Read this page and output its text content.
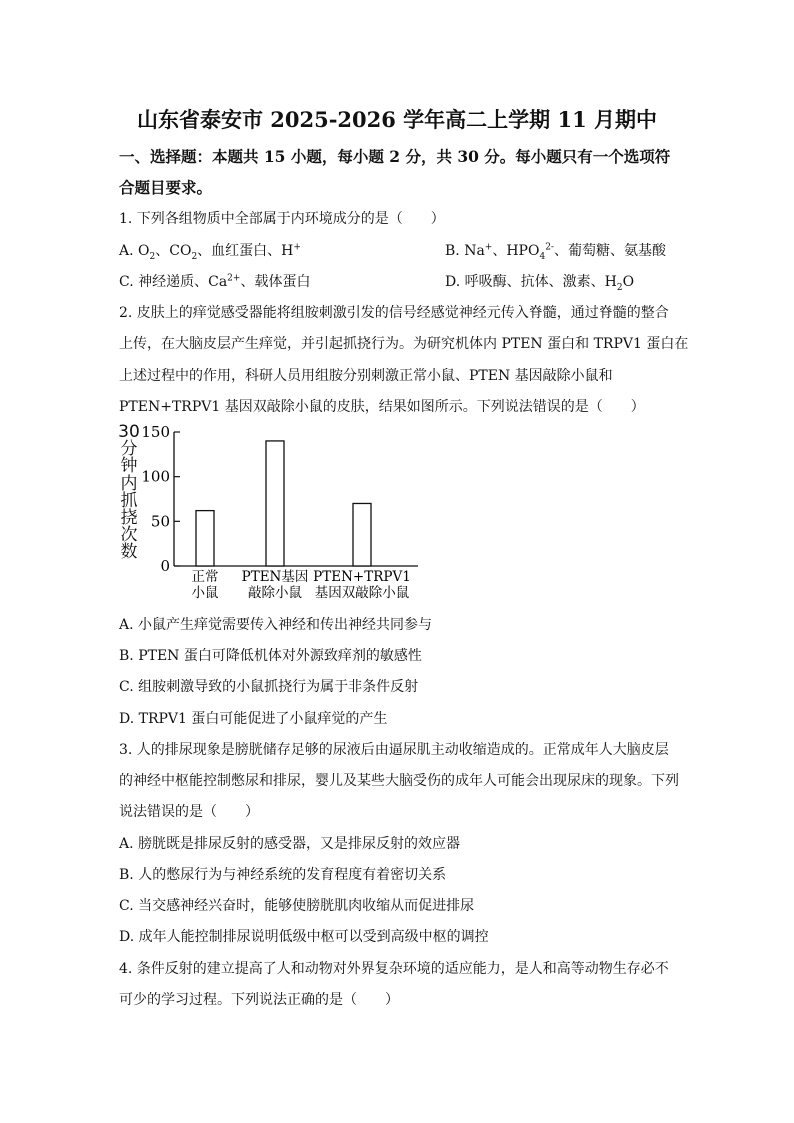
山东省泰安市 2025-2026 学年高二上学期 11 月期中
一、选择题：本题共 15 小题，每小题 2 分，共 30 分。每小题只有一个选项符
合题目要求。
1. 下列各组物质中全部属于内环境成分的是（　　）
A. $O_2$、$CO_2$、血红蛋白、H+	B. Na+、$HPO_4^{2-}$、葡萄糖、氨基酸
C. 神经递质、$Ca^{2+}$、载体蛋白	D. 呼吸酶、抗体、激素、$H_2O$
2. 皮肤上的痒觉感受器能将组胺刺激引发的信号经感觉神经元传入脊髓，通过脊髓的整合
上传，在大脑皮层产生痒觉，并引起抓挠行为。为研究机体内 PTEN 蛋白和 TRPV1 蛋白在
上述过程中的作用，科研人员用组胺分别刺激正常小鼠、PTEN 基因敲除小鼠和
PTEN+TRPV1 基因双敲除小鼠的皮肤，结果如图所示。下列说法错误的是（　　）
30分钟内抓挠次数
0
50
100
150
正常
小鼠
PTEN基因
敲除小鼠
PTEN+TRPV1
基因双敲除小鼠
A. 小鼠产生痒觉需要传入神经和传出神经共同参与
B. PTEN 蛋白可降低机体对外源致痒剂的敏感性
C. 组胺刺激导致的小鼠抓挠行为属于非条件反射
D. TRPV1 蛋白可能促进了小鼠痒觉的产生
3. 人的排尿现象是膀胱储存足够的尿液后由逼尿肌主动收缩造成的。正常成年人大脑皮层
的神经中枢能控制憋尿和排尿，婴儿及某些大脑受伤的成年人可能会出现尿床的现象。下列
说法错误的是（　　）
A. 膀胱既是排尿反射的感受器，又是排尿反射的效应器
B. 人的憋尿行为与神经系统的发育程度有着密切关系
C. 当交感神经兴奋时，能够使膀胱肌肉收缩从而促进排尿
D. 成年人能控制排尿说明低级中枢可以受到高级中枢的调控
4. 条件反射的建立提高了人和动物对外界复杂环境的适应能力，是人和高等动物生存必不
可少的学习过程。下列说法正确的是（　　）
